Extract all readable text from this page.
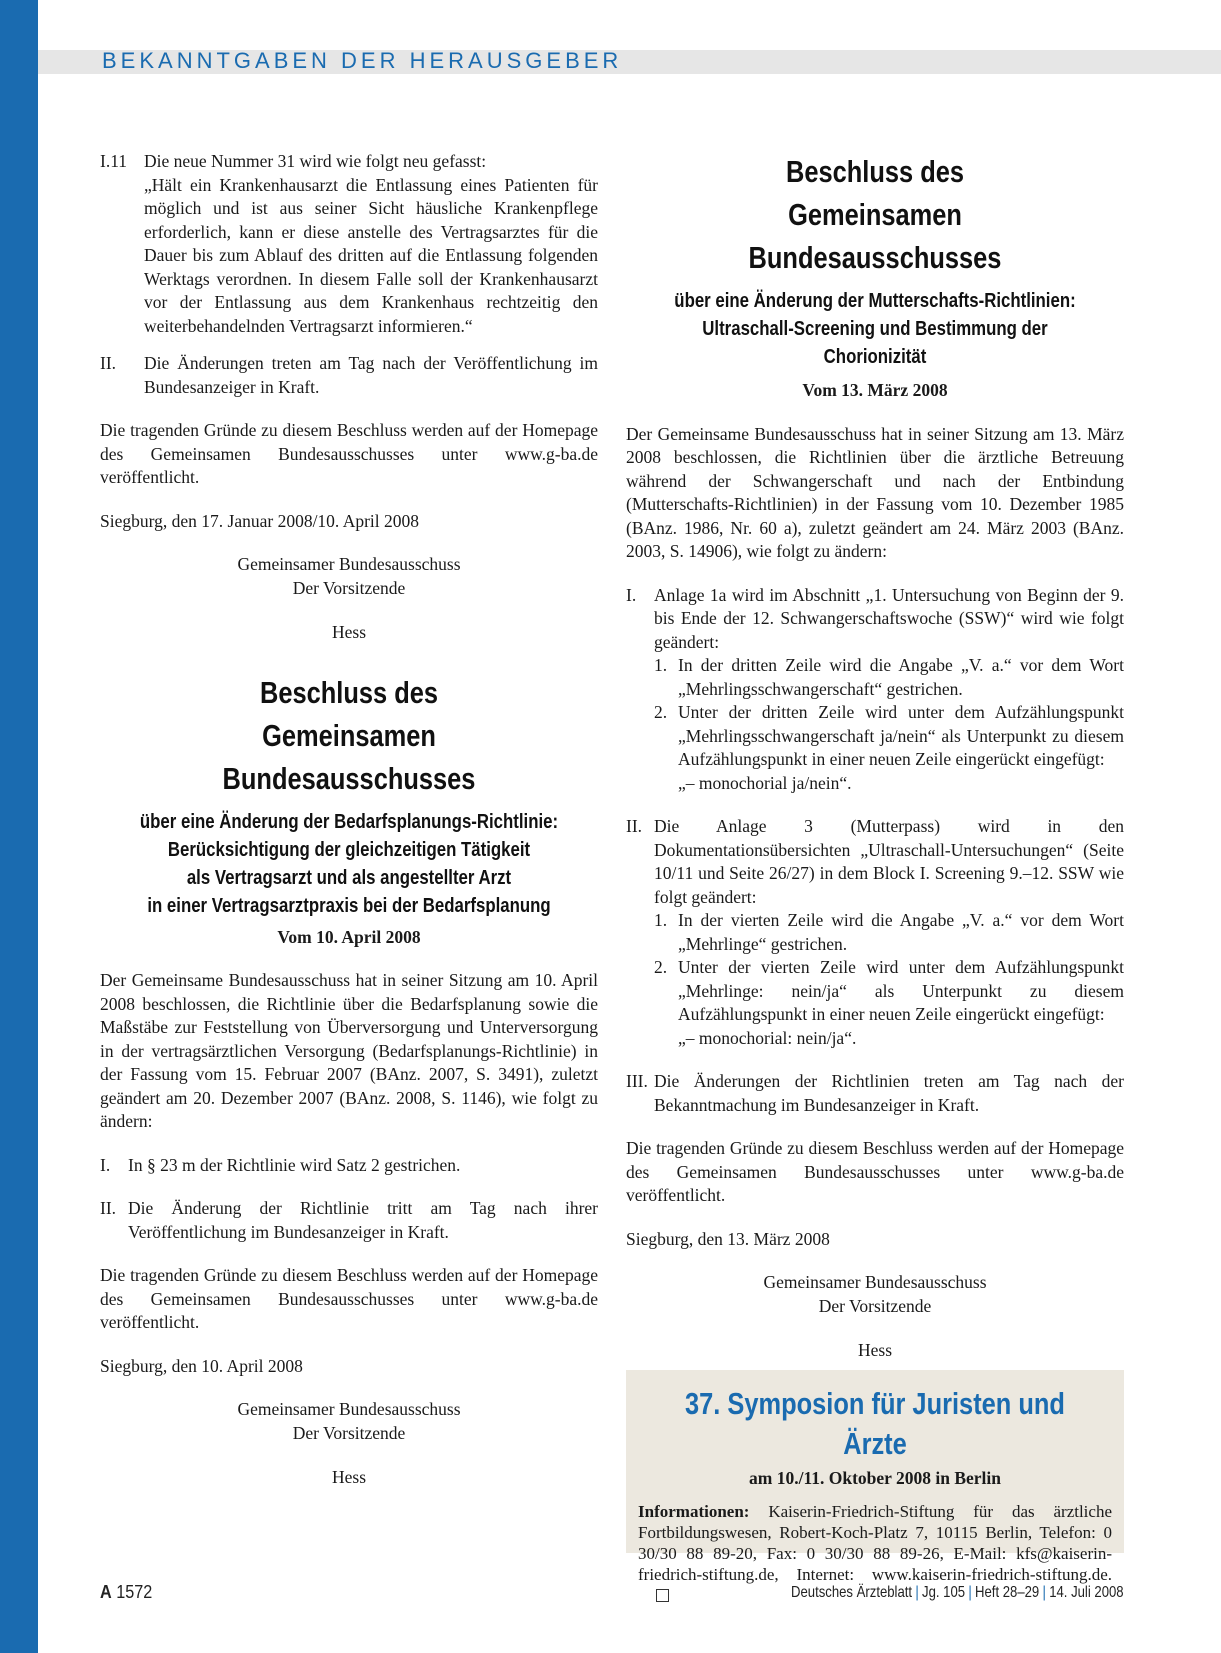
BEKANNTGABEN DER HERAUSGEBER
I.11 Die neue Nummer 31 wird wie folgt neu gefasst:

„Hält ein Krankenhausarzt die Entlassung eines Patienten für möglich und ist aus seiner Sicht häusliche Krankenpflege erforderlich, kann er diese anstelle des Vertragsarztes für die Dauer bis zum Ablauf des dritten auf die Entlassung folgenden Werktags verordnen. In diesem Falle soll der Krankenhausarzt vor der Entlassung aus dem Krankenhaus rechtzeitig den weiterbehandelnden Vertragsarzt informieren.“

II.	Die Änderungen treten am Tag nach der Veröffentlichung im Bundesanzeiger in Kraft.

Die tragenden Gründe zu diesem Beschluss werden auf der Homepage des Gemeinsamen Bundesausschusses unter www.g-ba.de veröffentlicht.

Siegburg, den 17. Januar 2008/10. April 2008

Gemeinsamer Bundesausschuss

Der Vorsitzende

Hess

Beschluss des

Gemeinsamen Bundesausschusses

über eine Änderung der Bedarfsplanungs-Richtlinie:

Berücksichtigung der gleichzeitigen Tätigkeit

als Vertragsarzt und als angestellter Arzt

in einer Vertragsarztpraxis bei der Bedarfsplanung

Vom 10. April 2008

Der Gemeinsame Bundesausschuss hat in seiner Sitzung am 10. April 2008 beschlossen, die Richtlinie über die Bedarfsplanung sowie die Maßstäbe zur Feststellung von Überversorgung und Unterversorgung in der vertragsärztlichen Versorgung (Bedarfsplanungs-Richtlinie) in der Fassung vom 15. Februar 2007 (BAnz. 2007, S. 3491), zuletzt geändert am 20. Dezember 2007 (BAnz. 2008, S. 1146), wie folgt zu ändern:

I.	In § 23 m der Richtlinie wird Satz 2 gestrichen.

II. Die Änderung der Richtlinie tritt am Tag nach ihrer Veröffentlichung im Bundesanzeiger in Kraft.

Die tragenden Gründe zu diesem Beschluss werden auf der Homepage des Gemeinsamen Bundesausschusses unter www.g-ba.de veröffentlicht.

Siegburg, den 10. April 2008

Gemeinsamer Bundesausschuss

Der Vorsitzende

Hess

Beschluss des

Gemeinsamen Bundesausschusses

über eine Änderung der Mutterschafts-Richtlinien:

Ultraschall-Screening und Bestimmung der Chorionizität

Vom 13. März 2008

Der Gemeinsame Bundesausschuss hat in seiner Sitzung am 13. März 2008 beschlossen, die Richtlinien über die ärztliche Betreuung während der Schwangerschaft und nach der Entbindung (Mutterschafts-Richtlinien) in der Fassung vom 10. Dezember 1985 (BAnz. 1986, Nr. 60 a), zuletzt geändert am 24. März 2003 (BAnz. 2003, S. 14906), wie folgt zu ändern:

I.	Anlage 1a wird im Abschnitt „1. Untersuchung von Beginn der 9. bis Ende der 12. Schwangerschaftswoche (SSW)“ wird wie folgt geändert:

1. In der dritten Zeile wird die Angabe „V. a.“ vor dem Wort „Mehrlingsschwangerschaft“ gestrichen.

2. Unter der dritten Zeile wird unter dem Aufzählungspunkt „Mehrlingsschwangerschaft ja/nein“ als Unterpunkt zu diesem Aufzählungspunkt in einer neuen Zeile eingerückt eingefügt:

„– monochorial ja/nein“.

II. Die Anlage 3 (Mutterpass) wird in den Dokumentationsübersichten „Ultraschall-Untersuchungen“ (Seite 10/11 und Seite 26/27) in dem Block I. Screening 9.–12. SSW wie folgt geändert:

1. In der vierten Zeile wird die Angabe „V. a.“ vor dem Wort „Mehrlinge“ gestrichen.

2. Unter der vierten Zeile wird unter dem Aufzählungspunkt „Mehrlinge: nein/ja“ als Unterpunkt zu diesem Aufzählungspunkt in einer neuen Zeile eingerückt eingefügt:

„– monochorial: nein/ja“.

III. Die Änderungen der Richtlinien treten am Tag nach der Bekanntmachung im Bundesanzeiger in Kraft.

Die tragenden Gründe zu diesem Beschluss werden auf der Homepage des Gemeinsamen Bundesausschusses unter www.g-ba.de veröffentlicht.

Siegburg, den 13. März 2008

Gemeinsamer Bundesausschuss

Der Vorsitzende

Hess

37. Symposion für Juristen und Ärzte

am 10./11. Oktober 2008 in Berlin

Informationen: Kaiserin-Friedrich-Stiftung für das ärztliche Fortbildungswesen, Robert-Koch-Platz 7, 10115 Berlin, Telefon: 0 30/30 88 89-20, Fax: 0 30/30 88 89-26, E-Mail: kfs@kaiserin-friedrich-stiftung.de, Internet: www.kaiserin-friedrich-stiftung.de.

A 1572	Deutsches Ärzteblatt | Jg. 105 | Heft 28–29 | 14. Juli 2008
